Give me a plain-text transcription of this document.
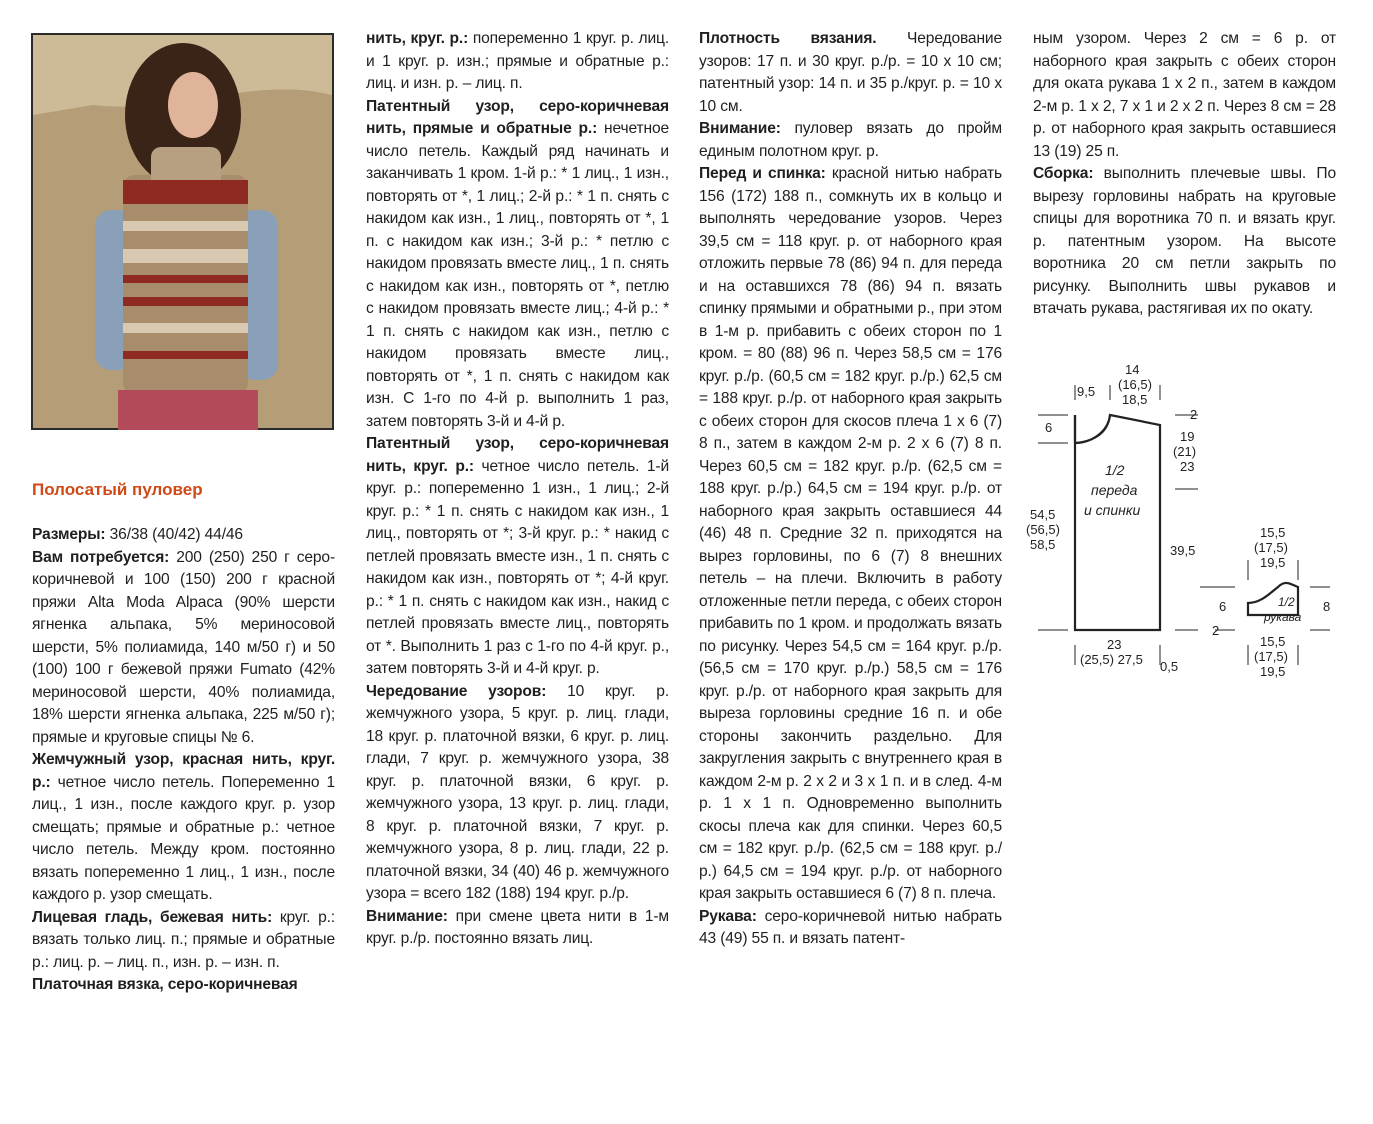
Полосатый пуловер

Размеры: 36/38 (40/42) 44/46

Вам потребуется: 200 (250) 250 г серо-коричневой и 100 (150) 200 г красной пряжи Alta Moda Alpaca (90% шерсти ягненка альпака, 5% мериносовой шерсти, 5% полиамида, 140 м/50 г) и 50 (100) 100 г бежевой пряжи Fumato (42% мериносовой шерсти, 40% полиамида, 18% шерсти ягненка альпака, 225 м/50 г); прямые и круговые спицы № 6.

Жемчужный узор, красная нить, круг. р.: четное число петель. Попеременно 1 лиц., 1 изн., после каждого круг. р. узор смещать; прямые и обратные р.: четное число петель. Между кром. постоянно вязать попеременно 1 лиц., 1 изн., после каждого р. узор смещать.

Лицевая гладь, бежевая нить: круг. р.: вязать только лиц. п.; прямые и обратные р.: лиц. р. – лиц. п., изн. р. – изн. п.

Платочная вязка, серо-коричневая

нить, круг. р.: попеременно 1 круг. р. лиц. и 1 круг. р. изн.; прямые и обратные р.: лиц. и изн. р. – лиц. п.

Патентный узор, серо-коричневая нить, прямые и обратные р.: нечетное число петель. Каждый ряд начинать и заканчивать 1 кром. 1-й р.: * 1 лиц., 1 изн., повторять от *, 1 лиц.; 2-й р.: * 1 п. снять с накидом как изн., 1 лиц., повторять от *, 1 п. с накидом как изн.; 3-й р.: * петлю с накидом провязать вместе лиц., 1 п. снять с накидом как изн., повторять от *, петлю с накидом провязать вместе лиц.; 4-й р.: * 1 п. снять с накидом как изн., петлю с накидом провязать вместе лиц., повторять от *, 1 п. снять с накидом как изн. С 1-го по 4-й р. выполнить 1 раз, затем повторять 3-й и 4-й р.

Патентный узор, серо-коричневая нить, круг. р.: четное число петель. 1-й круг. р.: попеременно 1 изн., 1 лиц.; 2-й круг. р.: * 1 п. снять с накидом как изн., 1 лиц., повторять от *; 3-й круг. р.: * накид с петлей провязать вместе изн., 1 п. снять с накидом как изн., повторять от *; 4-й круг. р.: * 1 п. снять с накидом как изн., накид с петлей провязать вместе лиц., повторять от *. Выполнить 1 раз с 1-го по 4-й круг. р., затем повторять 3-й и 4-й круг. р.

Чередование узоров: 10 круг. р. жемчужного узора, 5 круг. р. лиц. глади, 18 круг. р. платочной вязки, 6 круг. р. лиц. глади, 7 круг. р. жемчужного узора, 38 круг. р. платочной вязки, 6 круг. р. жемчужного узора, 13 круг. р. лиц. глади, 8 круг. р. платочной вязки, 7 круг. р. жемчужного узора, 8 р. лиц. глади, 22 р. платочной вязки, 34 (40) 46 р. жемчужного узора = всего 182 (188) 194 круг. р./р.

Внимание: при смене цвета нити в 1-м круг. р./р. постоянно вязать лиц.

Плотность вязания. Чередование узоров: 17 п. и 30 круг. р./р. = 10 х 10 см; патентный узор: 14 п. и 35 р./круг. р. = 10 х 10 см.

Внимание: пуловер вязать до пройм единым полотном круг. р.

Перед и спинка: красной нитью набрать 156 (172) 188 п., сомкнуть их в кольцо и выполнять чередование узоров. Через 39,5 см = 118 круг. р. от наборного края отложить первые 78 (86) 94 п. для переда и на оставшихся 78 (86) 94 п. вязать спинку прямыми и обратными р., при этом в 1-м р. прибавить с обеих сторон по 1 кром. = 80 (88) 96 п. Через 58,5 см = 176 круг. р./р. (60,5 см = 182 круг. р./р.) 62,5 см = 188 круг. р./р. от наборного края закрыть с обеих сторон для скосов плеча 1 х 6 (7) 8 п., затем в каждом 2-м р. 2 х 6 (7) 8 п. Через 60,5 см = 182 круг. р./р. (62,5 см = 188 круг. р./р.) 64,5 см = 194 круг. р./р. от наборного края закрыть оставшиеся 44 (46) 48 п. Средние 32 п. приходятся на вырез горловины, по 6 (7) 8 внешних петель – на плечи. Включить в работу отложенные петли переда, с обеих сторон прибавить по 1 кром. и продолжать вязать по рисунку. Через 54,5 см = 164 круг. р./р. (56,5 см = 170 круг. р./р.) 58,5 см = 176 круг. р./р. от наборного края закрыть для выреза горловины средние 16 п. и обе стороны закончить раздельно. Для закругления закрыть с внутреннего края в каждом 2-м р. 2 х 2 и 3 х 1 п. и в след. 4-м р. 1 х 1 п. Одновременно выполнить скосы плеча как для спинки. Через 60,5 см = 182 круг. р./р. (62,5 см = 188 круг. р./р.) 64,5 см = 194 круг. р./р. от наборного края закрыть оставшиеся 6 (7) 8 п. плеча.

Рукава: серо-коричневой нитью набрать 43 (49) 55 п. и вязать патент-

ным узором. Через 2 см = 6 р. от наборного края закрыть с обеих сторон для оката рукава 1 х 2 п., затем в каждом 2-м р. 1 х 2, 7 х 1 и 2 х 2 п. Через 8 см = 28 р. от наборного края закрыть оставшиеся 13 (19) 25 п.

Сборка: выполнить плечевые швы. По вырезу горловины набрать на круговые спицы для воротника 70 п. и вязать круг. р. патентным узором. На высоте воротника 20 см петли закрыть по рисунку. Выполнить швы рукавов и втачать рукава, растягивая их по окату.

9,5
14
(16,5)
18,5
6
2
19
(21)
23
54,5
(56,5)
58,5	39,5
1/2
переда
и спинки
23
(25,5) 27,5 0,5
15,5
(17,5)
19,5
1/2
рукава
6
2
8
15,5
(17,5)
19,5
